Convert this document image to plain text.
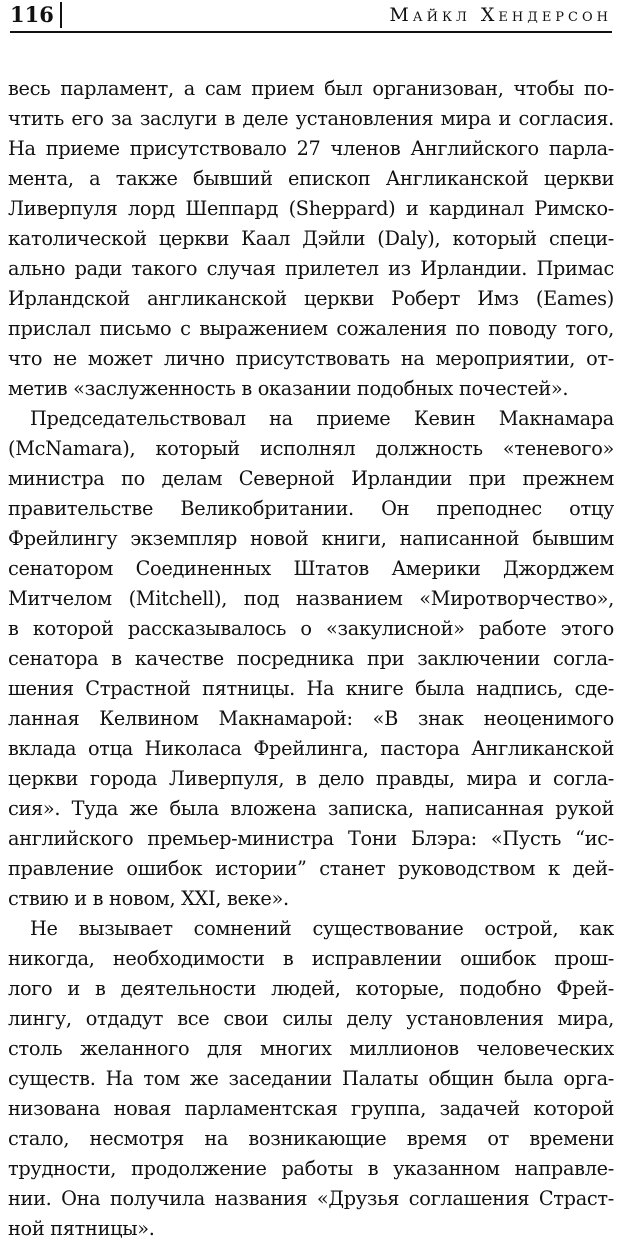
116	Майкл Хендерсон
весь парламент, а сам прием был организован, чтобы по-
чтить его за заслуги в деле установления мира и согласия.
На приеме присутствовало 27 членов Английского парла-
мента, а также бывший епископ Англиканской церкви
Ливерпуля лорд Шеппард (Sheppard) и кардинал Римско-
католической церкви Каал Дэйли (Daly), который специ-
ально ради такого случая прилетел из Ирландии. Примас
Ирландской англиканской церкви Роберт Имз (Eames)
прислал письмо с выражением сожаления по поводу того,
что не может лично присутствовать на мероприятии, от-
метив «заслуженность в оказании подобных почестей».
Председательствовал на приеме Кевин Макнамара
(McNamara), который исполнял должность «теневого»
министра по делам Северной Ирландии при прежнем
правительстве Великобритании. Он преподнес отцу
Фрейлингу экземпляр новой книги, написанной бывшим
сенатором Соединенных Штатов Америки Джорджем
Митчелом (Mitchell), под названием «Миротворчество»,
в которой рассказывалось о «закулисной» работе этого
сенатора в качестве посредника при заключении согла-
шения Страстной пятницы. На книге была надпись, сде-
ланная Келвином Макнамарой: «В знак неоценимого
вклада отца Николаса Фрейлинга, пастора Англиканской
церкви города Ливерпуля, в дело правды, мира и согла-
сия». Туда же была вложена записка, написанная рукой
английского премьер-министра Тони Блэра: «Пусть “ис-
правление ошибок истории” станет руководством к дей-
ствию и в новом, XXI, веке».
Не вызывает сомнений существование острой, как
никогда, необходимости в исправлении ошибок прош-
лого и в деятельности людей, которые, подобно Фрей-
лингу, отдадут все свои силы делу установления мира,
столь желанного для многих миллионов человеческих
существ. На том же заседании Палаты общин была орга-
низована новая парламентская группа, задачей которой
стало, несмотря на возникающие время от времени
трудности, продолжение работы в указанном направле-
нии. Она получила названия «Друзья соглашения Страст-
ной пятницы».
